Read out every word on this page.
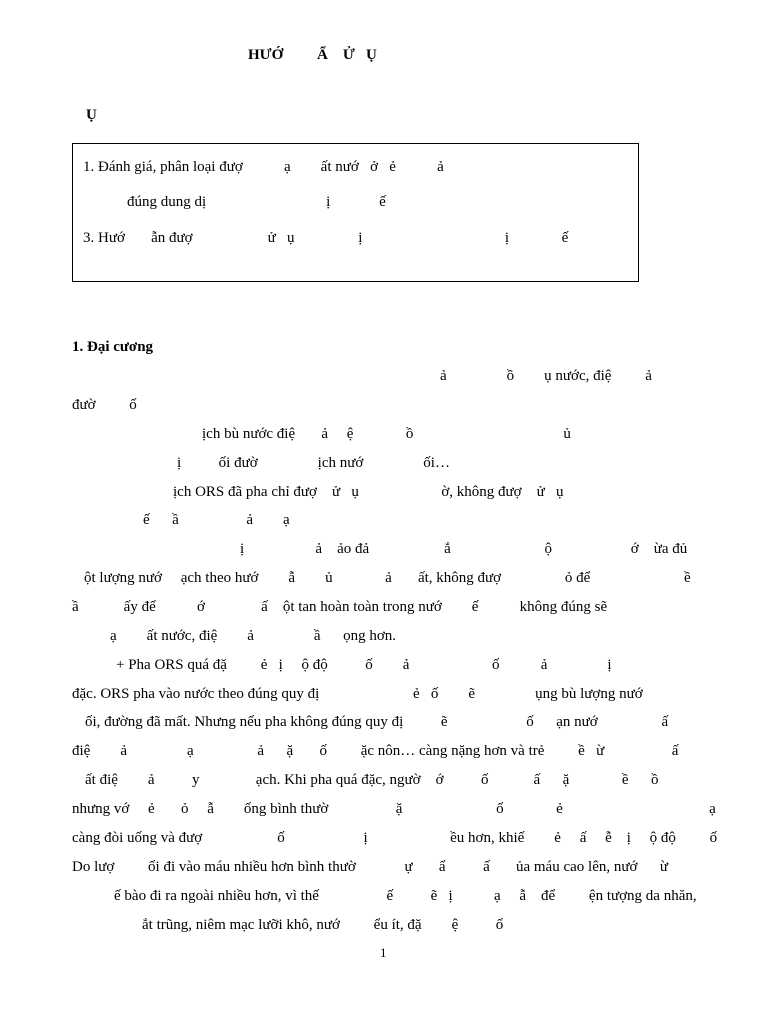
HƯỚ         Ẩ    Ử   Ụ
Ụ
1. Đánh giá, phân loại đượ           ạ        ất nướ   ở   ẻ           ả
đúng dung dị                                ị             ế
3. Hướ       ẫn đượ                    ử   ụ                 ị                                      ị              ế
1. Đại cương
ả                ồ        ụ nước, điệ         ả
đườ         ố
ịch bù nước điệ       ả     ệ              ồ                                        ủ
ị          ối đườ                ịch nướ                ối…
ịch ORS đã pha chỉ đượ    ử   ụ                      ờ, không đượ    ử   ụ
ế      ầ                  ả        ạ
ị                   ả    ảo đả                    ắ                         ộ                     ớ    ừa đủ
ột lượng nướ     ạch theo hướ        ẫ        ủ              ả       ất, không đượ                 ỏ để                         ề
ầ            ấy để           ớ               ấ    ột tan hoàn toàn trong nướ        ế           không đúng sẽ
ạ        ất nước, điệ        ả                ầ      ọng hơn.
+ Pha ORS quá đặ         ẻ   ị     ộ độ          ố        ả                      ố           ả                ị
đặc. ORS pha vào nước theo đúng quy đị                         ẻ   ố        ẽ                ụng bù lượng nướ
ối, đường đã mất. Nhưng nếu pha không đúng quy đị          ẽ                     ố      ạn nướ                 ấ
điệ        ả                ạ                 ả      ặ       ố         ặc nôn… càng nặng hơn và trẻ         ề   ừ                  ấ
ất điệ        ả          y               ạch. Khi pha quá đặc, ngườ    ớ          ố            ấ      ặ              ề      ồ
nhưng vớ     ẻ       ỏ     ẫ        ống bình thườ                  ặ                         ố              ẻ                                       ạ
càng đòi uống và đượ                    ố                     ị                      ều hơn, khiế        ẻ     ấ     ễ    ị     ộ độ         ố
Do lượ         ối đi vào máu nhiều hơn bình thườ             ự       ẩ          ấ       ủa máu cao lên, nướ      ừ
ế bào đi ra ngoài nhiều hơn, vì thế                  ế          ẽ   ị           ạ     ẫ    để         ện tượng da nhăn,
ắt trũng, niêm mạc lưỡi khô, nướ         ểu ít, đặ        ệ          ố
1
